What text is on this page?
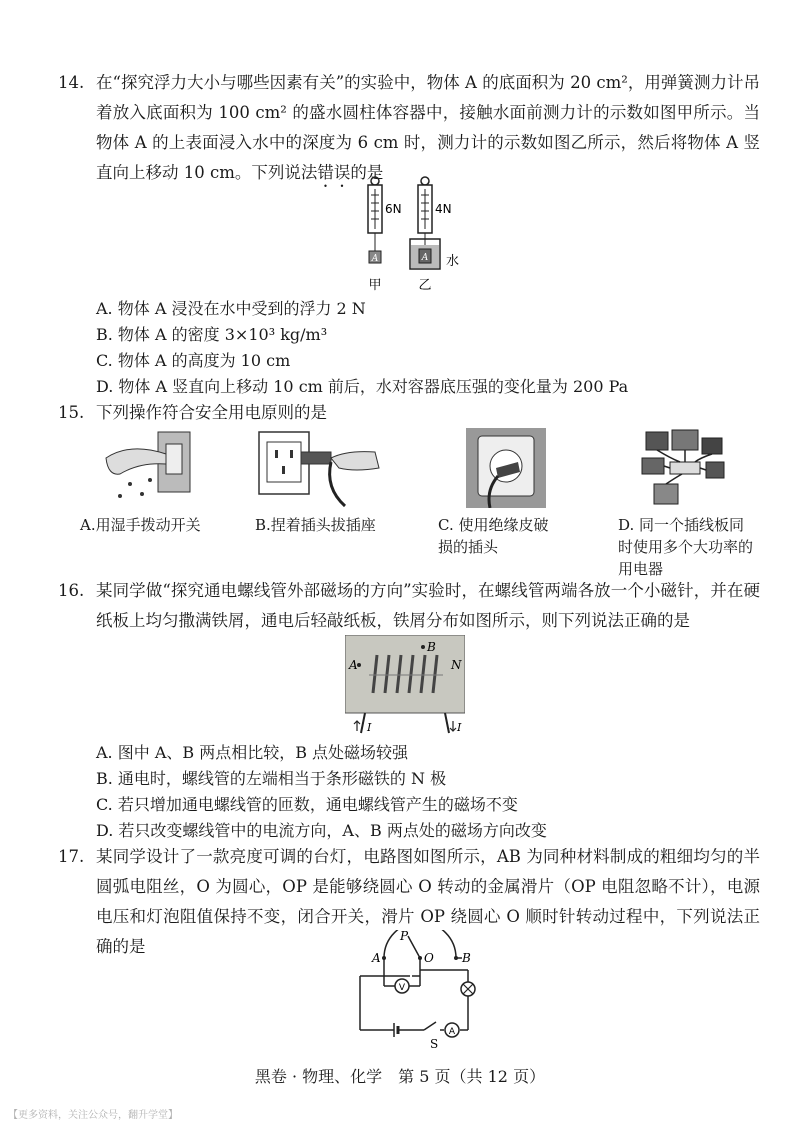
14. 在“探究浮力大小与哪些因素有关”的实验中，物体 A 的底面积为 20 cm²，用弹簧测力计吊着放入底面积为 100 cm² 的盛水圆柱体容器中，接触水面前测力计的示数如图甲所示。当物体 A 的上表面浸入水中的深度为 6 cm 时，测力计的示数如图乙所示，然后将物体 A 竖直向上移动 10 cm。下列说法错误的是
6N
A
4N
A 水
甲	乙
A. 物体 A 浸没在水中受到的浮力 2 N
B. 物体 A 的密度 3×10³ kg/m³
C. 物体 A 的高度为 10 cm
D. 物体 A 竖直向上移动 10 cm 前后，水对容器底压强的变化量为 200 Pa
15. 下列操作符合安全用电原则的是
A.用湿手拨动开关	B.捏着插头拔插座	C. 使用绝缘皮破损的插头
D. 同一个插线板同时使用多个大功率的用电器
16. 某同学做“探究通电螺线管外部磁场的方向”实验时，在螺线管两端各放一个小磁针，并在硬纸板上均匀撒满铁屑，通电后轻敲纸板，铁屑分布如图所示，则下列说法正确的是
A
B
N
I	I
A. 图中 A、B 两点相比较，B 点处磁场较强
B. 通电时，螺线管的左端相当于条形磁铁的 N 极
C. 若只增加通电螺线管的匝数，通电螺线管产生的磁场不变
D. 若只改变螺线管中的电流方向，A、B 两点处的磁场方向改变
17. 某同学设计了一款亮度可调的台灯，电路图如图所示，AB 为同种材料制成的粗细均匀的半圆弧电阻丝，O 为圆心，OP 是能够绕圆心 O 转动的金属滑片（OP 电阻忽略不计），电源电压和灯泡阻值保持不变，闭合开关，滑片 OP 绕圆心 O 顺时针转动过程中，下列说法正确的是
V
A
A	B
O
P
S
黑卷 · 物理、化学　第 5 页（共 12 页）
【更多资料，关注公众号，翻升学堂】
